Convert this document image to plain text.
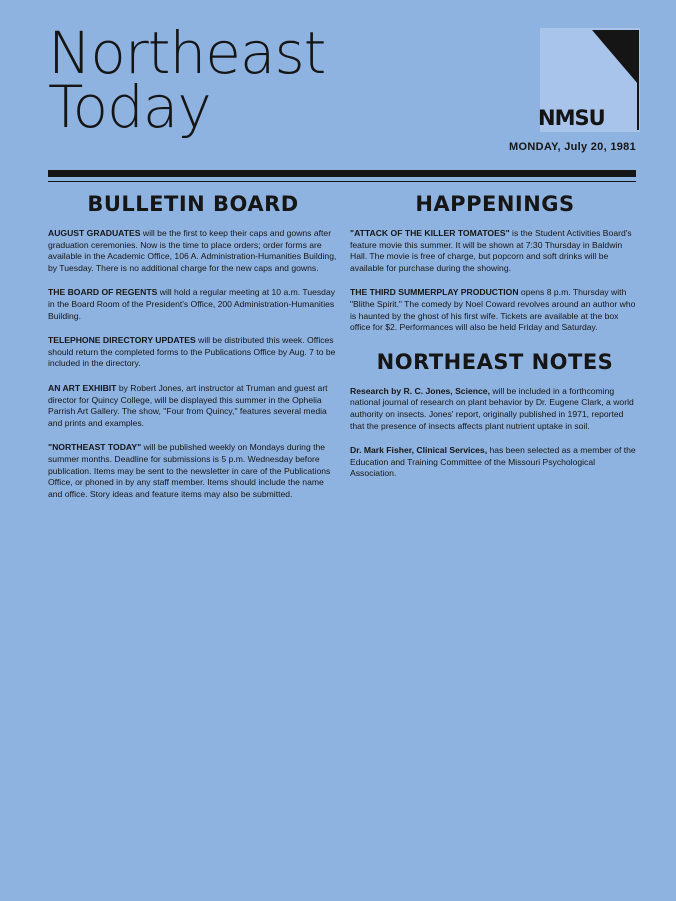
Northeast
Today	NMSU
MONDAY, July 20, 1981
BULLETIN BOARD

AUGUST GRADUATES will be the first to keep their caps and gowns after graduation ceremonies. Now is the time to place orders; order forms are available in the Academic Office, 106 A. Administration-Humanities Building, by Tuesday. There is no additional charge for the new caps and gowns.

THE BOARD OF REGENTS will hold a regular meeting at 10 a.m. Tuesday in the Board Room of the President's Office, 200 Administration-Humanities Building.

TELEPHONE DIRECTORY UPDATES will be distributed this week. Offices should return the completed forms to the Publications Office by Aug. 7 to be included in the directory.

AN ART EXHIBIT by Robert Jones, art instructor at Truman and guest art director for Quincy College, will be displayed this summer in the Ophelia Parrish Art Gallery. The show, "Four from Quincy," features several media and prints and examples.

"NORTHEAST TODAY" will be published weekly on Mondays during the summer months. Deadline for submissions is 5 p.m. Wednesday before publication. Items may be sent to the newsletter in care of the Publications Office, or phoned in by any staff member. Items should include the name and office. Story ideas and feature items may also be submitted.

HAPPENINGS

"ATTACK OF THE KILLER TOMATOES" is the Student Activities Board's feature movie this summer. It will be shown at 7:30 Thursday in Baldwin Hall. The movie is free of charge, but popcorn and soft drinks will be available for purchase during the showing.

THE THIRD SUMMERPLAY PRODUCTION opens 8 p.m. Thursday with "Blithe Spirit." The comedy by Noel Coward revolves around an author who is haunted by the ghost of his first wife. Tickets are available at the box office for $2. Performances will also be held Friday and Saturday.

NORTHEAST NOTES

Research by R. C. Jones, Science, will be included in a forthcoming national journal of research on plant behavior by Dr. Eugene Clark, a world authority on insects. Jones' report, originally published in 1971, reported that the presence of insects affects plant nutrient uptake in soil.

Dr. Mark Fisher, Clinical Services, has been selected as a member of the Education and Training Committee of the Missouri Psychological Association.
